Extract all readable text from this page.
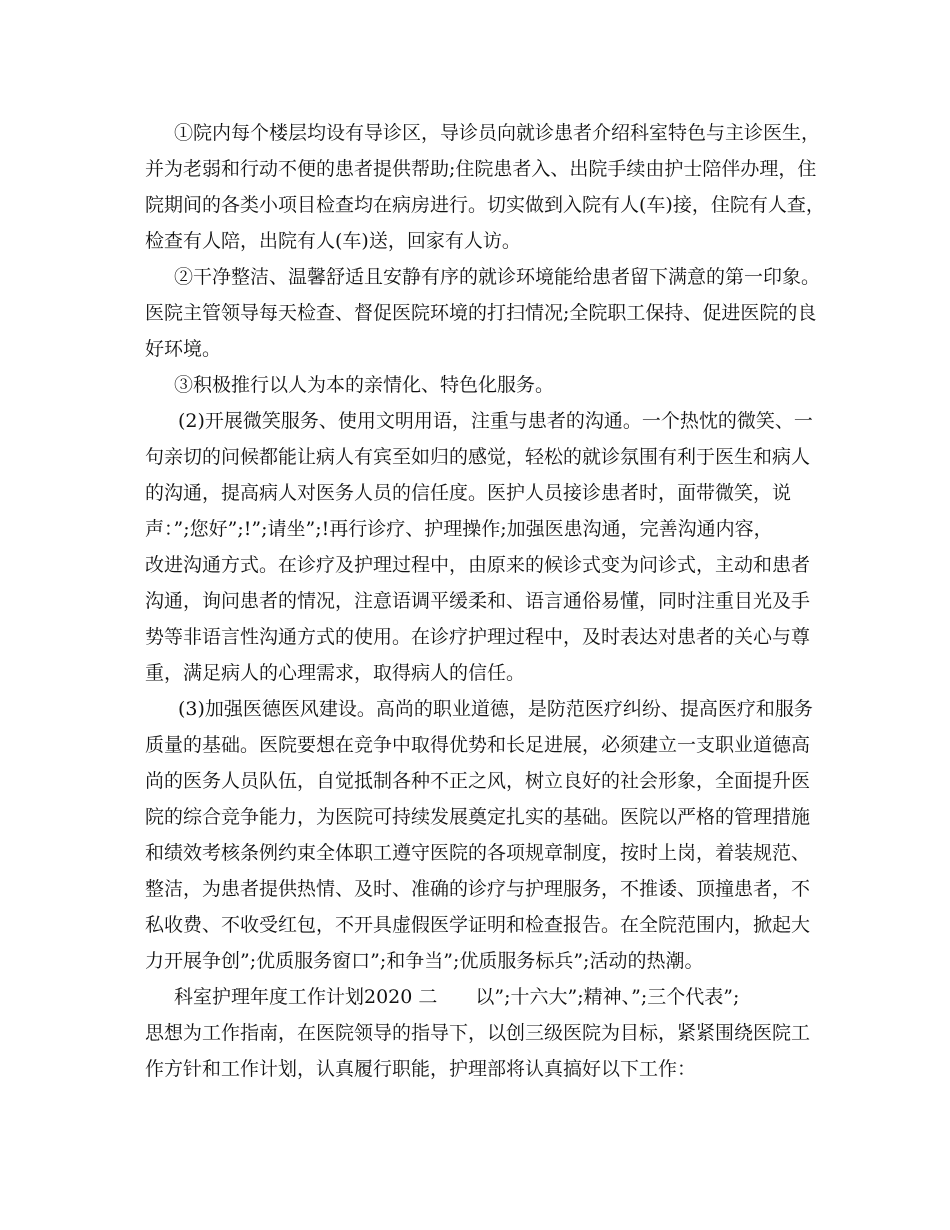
①院内每个楼层均设有导诊区，导诊员向就诊患者介绍科室特色与主诊医生，
并为老弱和行动不便的患者提供帮助;住院患者入、出院手续由护士陪伴办理，住
院期间的各类小项目检查均在病房进行。切实做到入院有人(车)接，住院有人查，
检查有人陪，出院有人(车)送，回家有人访。
②干净整洁、温馨舒适且安静有序的就诊环境能给患者留下满意的第一印象。
医院主管领导每天检查、督促医院环境的打扫情况;全院职工保持、促进医院的良
好环境。
③积极推行以人为本的亲情化、特色化服务。
(2)开展微笑服务、使用文明用语，注重与患者的沟通。一个热忱的微笑、一
句亲切的问候都能让病人有宾至如归的感觉，轻松的就诊氛围有利于医生和病人
的沟通，提高病人对医务人员的信任度。医护人员接诊患者时，面带微笑，说
声：”;您好”;!”;请坐”;!再行诊疗、护理操作;加强医患沟通，完善沟通内容，
改进沟通方式。在诊疗及护理过程中，由原来的候诊式变为问诊式，主动和患者
沟通，询问患者的情况，注意语调平缓柔和、语言通俗易懂，同时注重目光及手
势等非语言性沟通方式的使用。在诊疗护理过程中，及时表达对患者的关心与尊
重，满足病人的心理需求，取得病人的信任。
(3)加强医德医风建设。高尚的职业道德，是防范医疗纠纷、提高医疗和服务
质量的基础。医院要想在竞争中取得优势和长足进展，必须建立一支职业道德高
尚的医务人员队伍，自觉抵制各种不正之风，树立良好的社会形象，全面提升医
院的综合竞争能力，为医院可持续发展奠定扎实的基础。医院以严格的管理措施
和绩效考核条例约束全体职工遵守医院的各项规章制度，按时上岗，着装规范、
整洁，为患者提供热情、及时、准确的诊疗与护理服务，不推诿、顶撞患者，不
私收费、不收受红包，不开具虚假医学证明和检查报告。在全院范围内，掀起大
力开展争创”;优质服务窗口”;和争当”;优质服务标兵”;活动的热潮。
科室护理年度工作计划2020 二　　以”;十六大”;精神、”;三个代表”;
思想为工作指南，在医院领导的指导下，以创三级医院为目标，紧紧围绕医院工
作方针和工作计划，认真履行职能，护理部将认真搞好以下工作：
